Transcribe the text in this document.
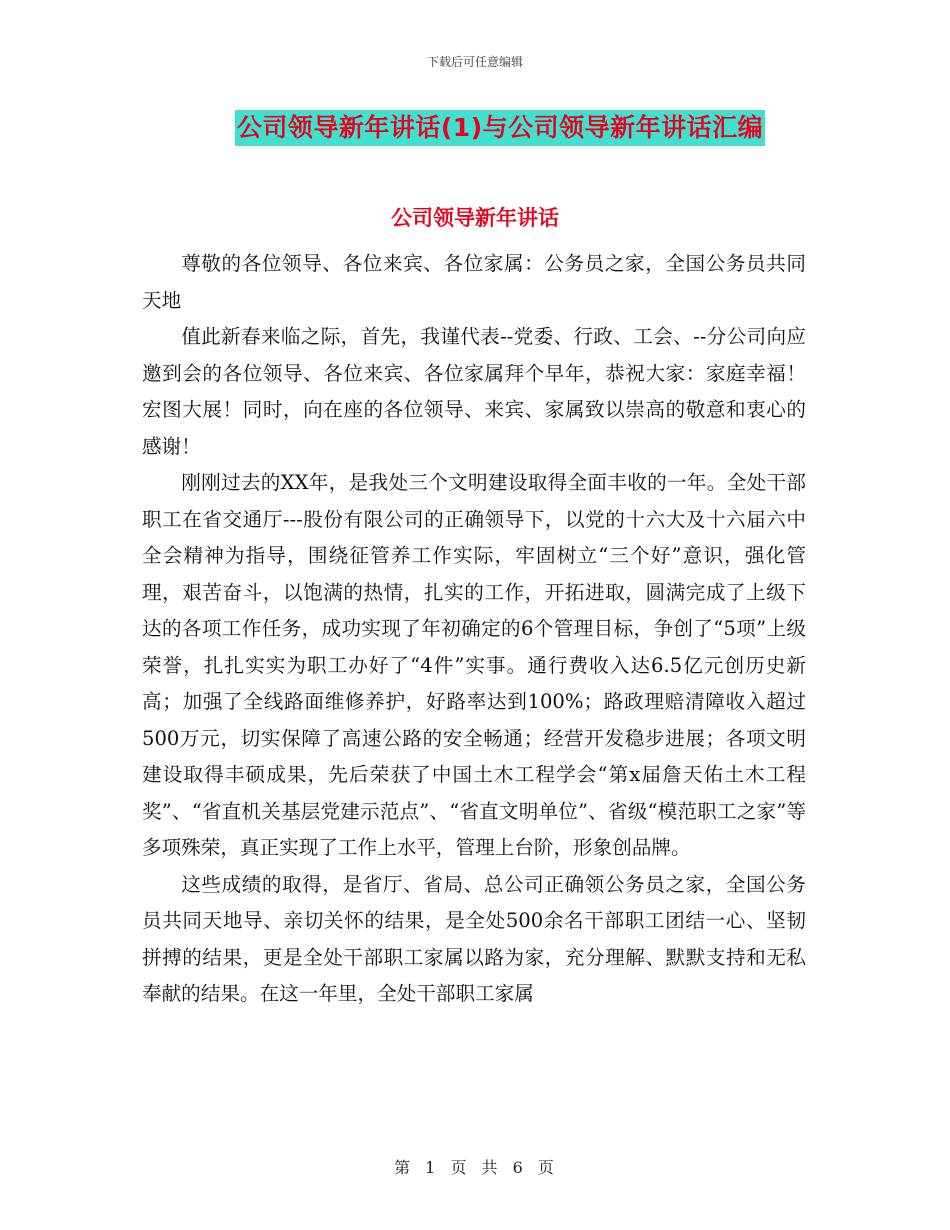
下载后可任意编辑
公司领导新年讲话(1)与公司领导新年讲话汇编
公司领导新年讲话

尊敬的各位领导、各位来宾、各位家属：公务员之家，全国公务员共同天地

值此新春来临之际，首先，我谨代表--党委、行政、工会、--分公司向应邀到会的各位领导、各位来宾、各位家属拜个早年，恭祝大家：家庭幸福！宏图大展！同时，向在座的各位领导、来宾、家属致以崇高的敬意和衷心的感谢！

刚刚过去的XX年，是我处三个文明建设取得全面丰收的一年。全处干部职工在省交通厅---股份有限公司的正确领导下，以党的十六大及十六届六中全会精神为指导，围绕征管养工作实际，牢固树立“三个好”意识，强化管理，艰苦奋斗，以饱满的热情，扎实的工作，开拓进取，圆满完成了上级下达的各项工作任务，成功实现了年初确定的6个管理目标，争创了“5项”上级荣誉，扎扎实实为职工办好了“4件”实事。通行费收入达6.5亿元创历史新高；加强了全线路面维修养护，好路率达到100%；路政理赔清障收入超过500万元，切实保障了高速公路的安全畅通；经营开发稳步进展；各项文明建设取得丰硕成果，先后荣获了中国土木工程学会“第x届詹天佑土木工程奖”、“省直机关基层党建示范点”、“省直文明单位”、省级“模范职工之家”等多项殊荣，真正实现了工作上水平，管理上台阶，形象创品牌。

这些成绩的取得，是省厅、省局、总公司正确领公务员之家，全国公务员共同天地导、亲切关怀的结果，是全处500余名干部职工团结一心、坚韧拼搏的结果，更是全处干部职工家属以路为家，充分理解、默默支持和无私奉献的结果。在这一年里，全处干部职工家属

第 1 页 共 6 页
